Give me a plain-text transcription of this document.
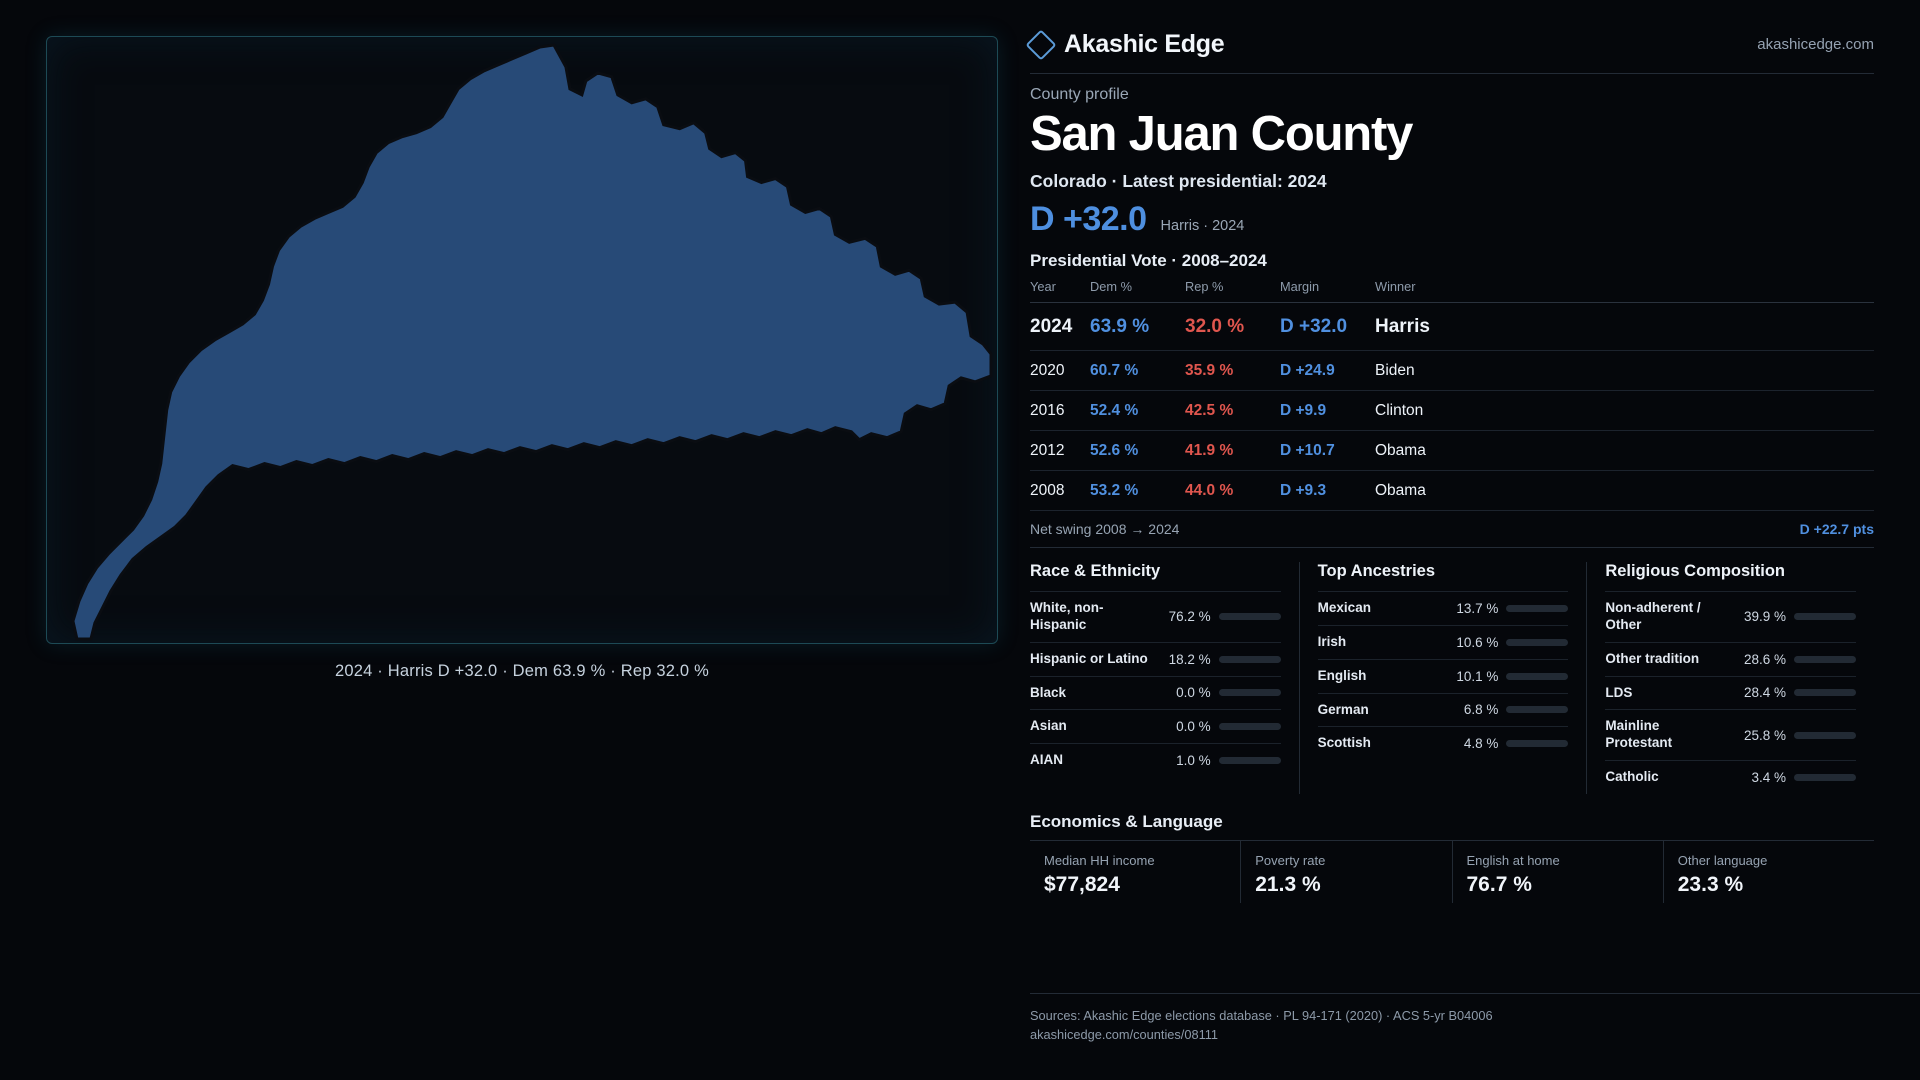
2024 · Harris D +32.0 · Dem 63.9 % · Rep 32.0 %
Akashic Edge	akashicedge.com
County profile
San Juan County
Colorado · Latest presidential: 2024
D +32.0 Harris · 2024
Presidential Vote · 2008–2024
Year	Dem %	Rep %	Margin	Winner
2024	63.9 %	32.0 %	D +32.0	Harris
2020	60.7 %	35.9 %	D +24.9	Biden
2016	52.4 %	42.5 %	D +9.9	Clinton
2012	52.6 %	41.9 %	D +10.7	Obama
2008	53.2 %	44.0 %	D +9.3	Obama
Net swing 2008 → 2024	D +22.7 pts
Race & Ethnicity
White, non-Hispanic	76.2 %
Hispanic or Latino	18.2 %
Black	0.0 %
Asian	0.0 %
AIAN	1.0 %
Top Ancestries
Mexican	13.7 %
Irish	10.6 %
English	10.1 %
German	6.8 %
Scottish	4.8 %
Religious Composition
Non-adherent / Other	39.9 %
Other tradition	28.6 %
LDS	28.4 %
Mainline Protestant	25.8 %
Catholic	3.4 %
Economics & Language
Median HH income
$77,824
Poverty rate
21.3 %
English at home
76.7 %
Other language
23.3 %
Sources: Akashic Edge elections database · PL 94-171 (2020) · ACS 5-yr B04006
akashicedge.com/counties/08111
